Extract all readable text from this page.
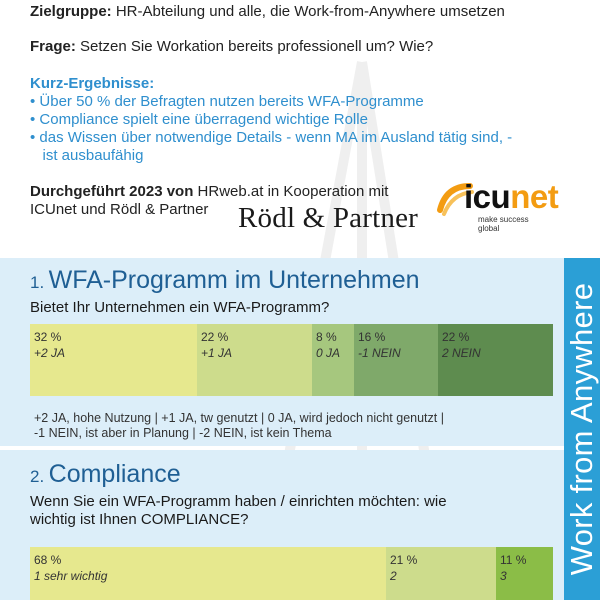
Zielgruppe: HR-Abteilung und alle, die Work-from-Anywhere umsetzen
Frage: Setzen Sie Workation bereits professionell um? Wie?
Kurz-Ergebnisse:
• Über 50 % der Befragten nutzen bereits WFA-Programme
• Compliance spielt eine überragend wichtige Rolle
• das Wissen über notwendige Details - wenn MA im Ausland tätig sind, -
ist ausbaufähig
Durchgeführt 2023 von HRweb.at in Kooperation mit
ICUnet und Rödl & Partner Rödl & Partner
icunet
make success
global
1. WFA-Programm im Unternehmen
Bietet Ihr Unternehmen ein WFA-Programm?
32 %
+2 JA
22 %
+1 JA
8 %
0 JA
16 %
-1 NEIN
22 %
2 NEIN
+2 JA, hohe Nutzung | +1 JA, tw genutzt | 0 JA, wird jedoch nicht genutzt |
-1 NEIN, ist aber in Planung | -2 NEIN, ist kein Thema
2. Compliance
Wenn Sie ein WFA-Programm haben / einrichten möchten: wie
wichtig ist Ihnen COMPLIANCE?
68 %
1 sehr wichtig
21 %
2
11 %
3
Work from Anywhere
